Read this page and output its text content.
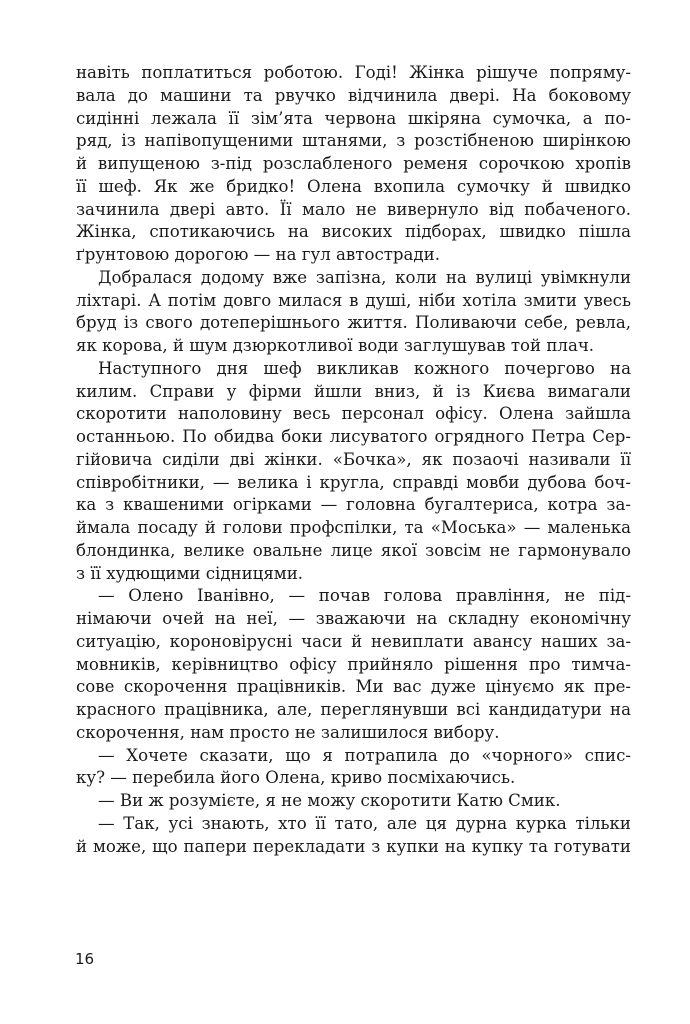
навіть поплатиться роботою. Годі! Жінка рішуче попряму-
вала до машини та рвучко відчинила двері. На боковому
сидінні лежала її зім’ята червона шкіряна сумочка, а по-
ряд, із напівопущеними штанями, з розстібненою ширінкою
й випущеною з-під розслабленого ременя сорочкою хропів
її шеф. Як же бридко! Олена вхопила сумочку й швидко
зачинила двері авто. Її мало не вивернуло від побаченого.
Жінка, спотикаючись на високих підборах, швидко пішла
ґрунтовою дорогою — на гул автостради.
Добралася додому вже запізна, коли на вулиці увімкнули
ліхтарі. А потім довго милася в душі, ніби хотіла змити увесь
бруд із свого дотеперішнього життя. Поливаючи себе, ревла,
як корова, й шум дзюркотливої води заглушував той плач.
Наступного дня шеф викликав кожного почергово на
килим. Справи у фірми йшли вниз, й із Києва вимагали
скоротити наполовину весь персонал офісу. Олена зайшла
останньою. По обидва боки лисуватого огрядного Петра Сер-
гійовича сиділи дві жінки. «Бочка», як позаочі називали її
співробітники, — велика і кругла, справді мовби дубова боч-
ка з квашеними огірками — головна бугалтериса, котра за-
ймала посаду й голови профспілки, та «Моська» — маленька
блондинка, велике овальне лице якої зовсім не гармонувало
з її худющими сідницями.
— Олено Іванівно, — почав голова правління, не під-
німаючи очей на неї, — зважаючи на складну економічну
ситуацію, короновірусні часи й невиплати авансу наших за-
мовників, керівництво офісу прийняло рішення про тимча-
сове скорочення працівників. Ми вас дуже цінуємо як пре-
красного працівника, але, переглянувши всі кандидатури на
скорочення, нам просто не залишилося вибору.
— Хочете сказати, що я потрапила до «чорного» спис-
ку? — перебила його Олена, криво посміхаючись.
— Ви ж розумієте, я не можу скоротити Катю Смик.
— Так, усі знають, хто її тато, але ця дурна курка тільки
й може, що папери перекладати з купки на купку та готувати
16
